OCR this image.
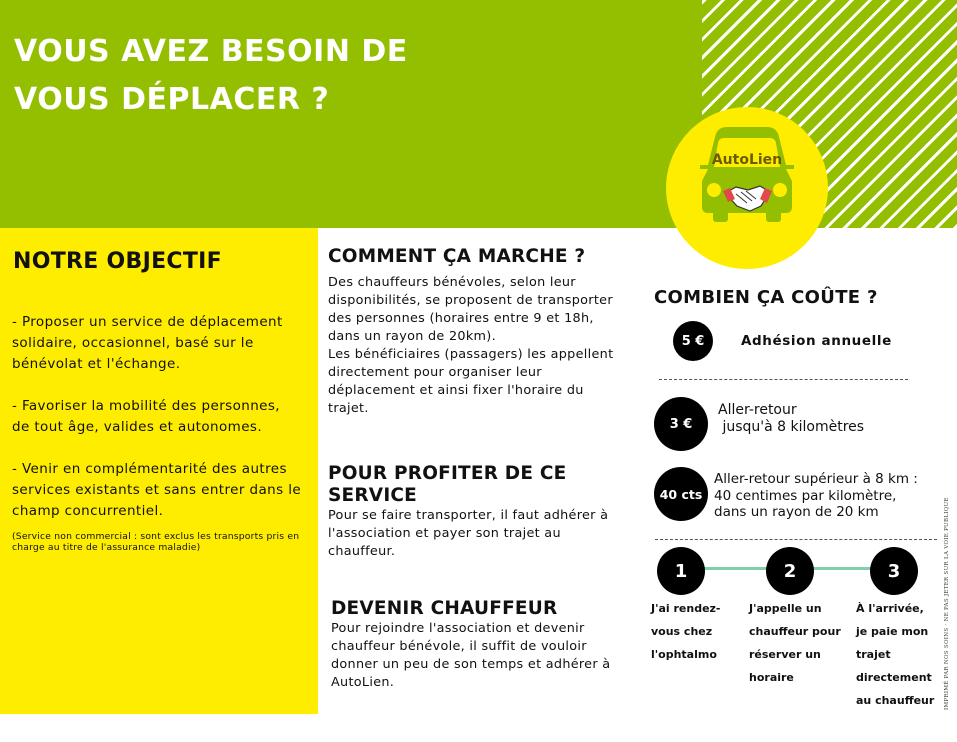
VOUS AVEZ BESOIN DE
VOUS DÉPLACER ?
AutoLien
NOTRE OBJECTIF
- Proposer un service de déplacement solidaire, occasionnel, basé sur le bénévolat et l'échange.
- Favoriser la mobilité des personnes, de tout âge, valides et autonomes.
- Venir en complémentarité des autres services existants et sans entrer dans le champ concurrentiel.
(Service non commercial : sont exclus les transports pris en charge au titre de l'assurance maladie)
COMMENT ÇA MARCHE ?

Des chauffeurs bénévoles, selon leur disponibilités, se proposent de transporter des personnes (horaires entre 9 et 18h, dans un rayon de 20km).
Les bénéficiaires (passagers) les appellent directement pour organiser leur déplacement et ainsi fixer l'horaire du trajet.

POUR PROFITER DE CE SERVICE

Pour se faire transporter, il faut adhérer à l'association et payer son trajet au chauffeur.

DEVENIR CHAUFFEUR

Pour rejoindre l'association et devenir chauffeur bénévole, il suffit de vouloir donner un peu de son temps et adhérer à AutoLien.

COMBIEN ÇA COÛTE ?
5 €	Adhésion annuelle
3 €
Aller-retour
jusqu'à 8 kilomètres
40 cts
Aller-retour supérieur à 8 km :
40 centimes par kilomètre,
dans un rayon de 20 km
1	2	3
J'ai rendez-
vous chez
l'ophtalmo
J'appelle un
chauffeur pour
réserver un
horaire
À l'arrivée,
je paie mon
trajet
directement
au chauffeur	IMPRIMÉ PAR NOS SOINS · NE PAS JETER SUR LA VOIE PUBLIQUE
